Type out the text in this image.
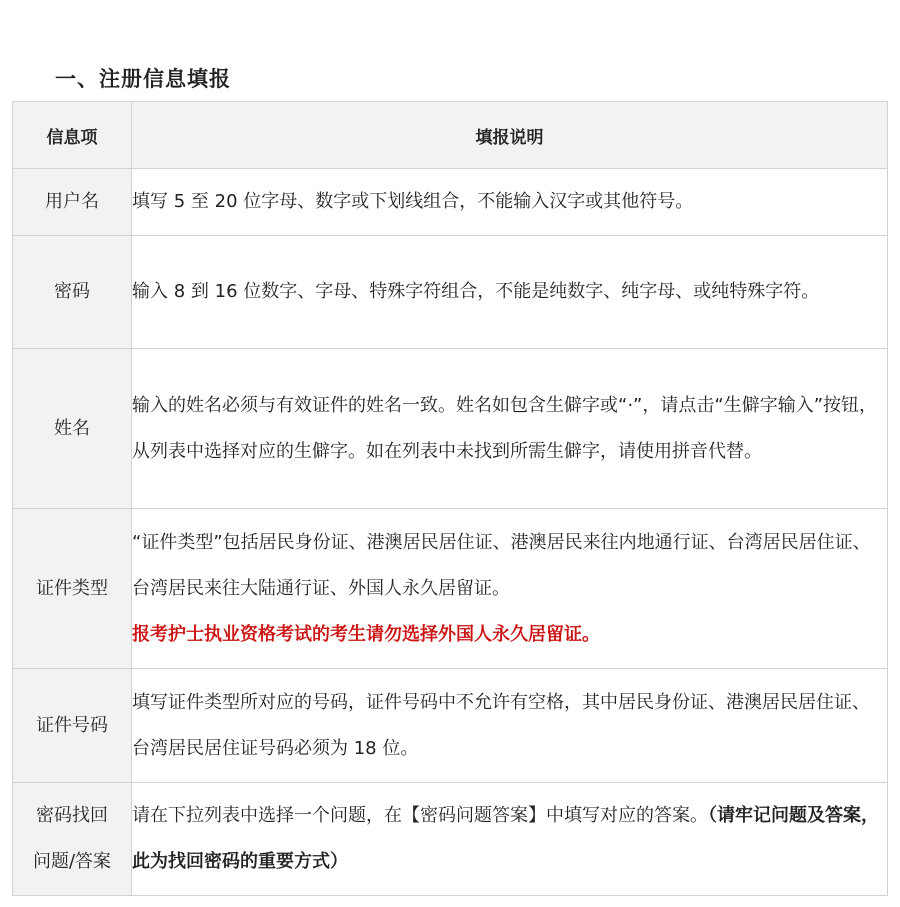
一、注册信息填报
信息项	填报说明
用户名	填写 5 至 20 位字母、数字或下划线组合，不能输入汉字或其他符号。
密码	输入 8 到 16 位数字、字母、特殊字符组合，不能是纯数字、纯字母、或纯特殊字符。
姓名	输入的姓名必须与有效证件的姓名一致。姓名如包含生僻字或“·”，请点击“生僻字输入”按钮，从列表中选择对应的生僻字。如在列表中未找到所需生僻字，请使用拼音代替。
证件类型	“证件类型”包括居民身份证、港澳居民居住证、港澳居民来往内地通行证、台湾居民居住证、台湾居民来往大陆通行证、外国人永久居留证。
报考护士执业资格考试的考生请勿选择外国人永久居留证。

证件号码	填写证件类型所对应的号码，证件号码中不允许有空格，其中居民身份证、港澳居民居住证、台湾居民居住证号码必须为 18 位。

密码找回
问题/答案	请在下拉列表中选择一个问题，在【密码问题答案】中填写对应的答案。（请牢记问题及答案，此为找回密码的重要方式）
